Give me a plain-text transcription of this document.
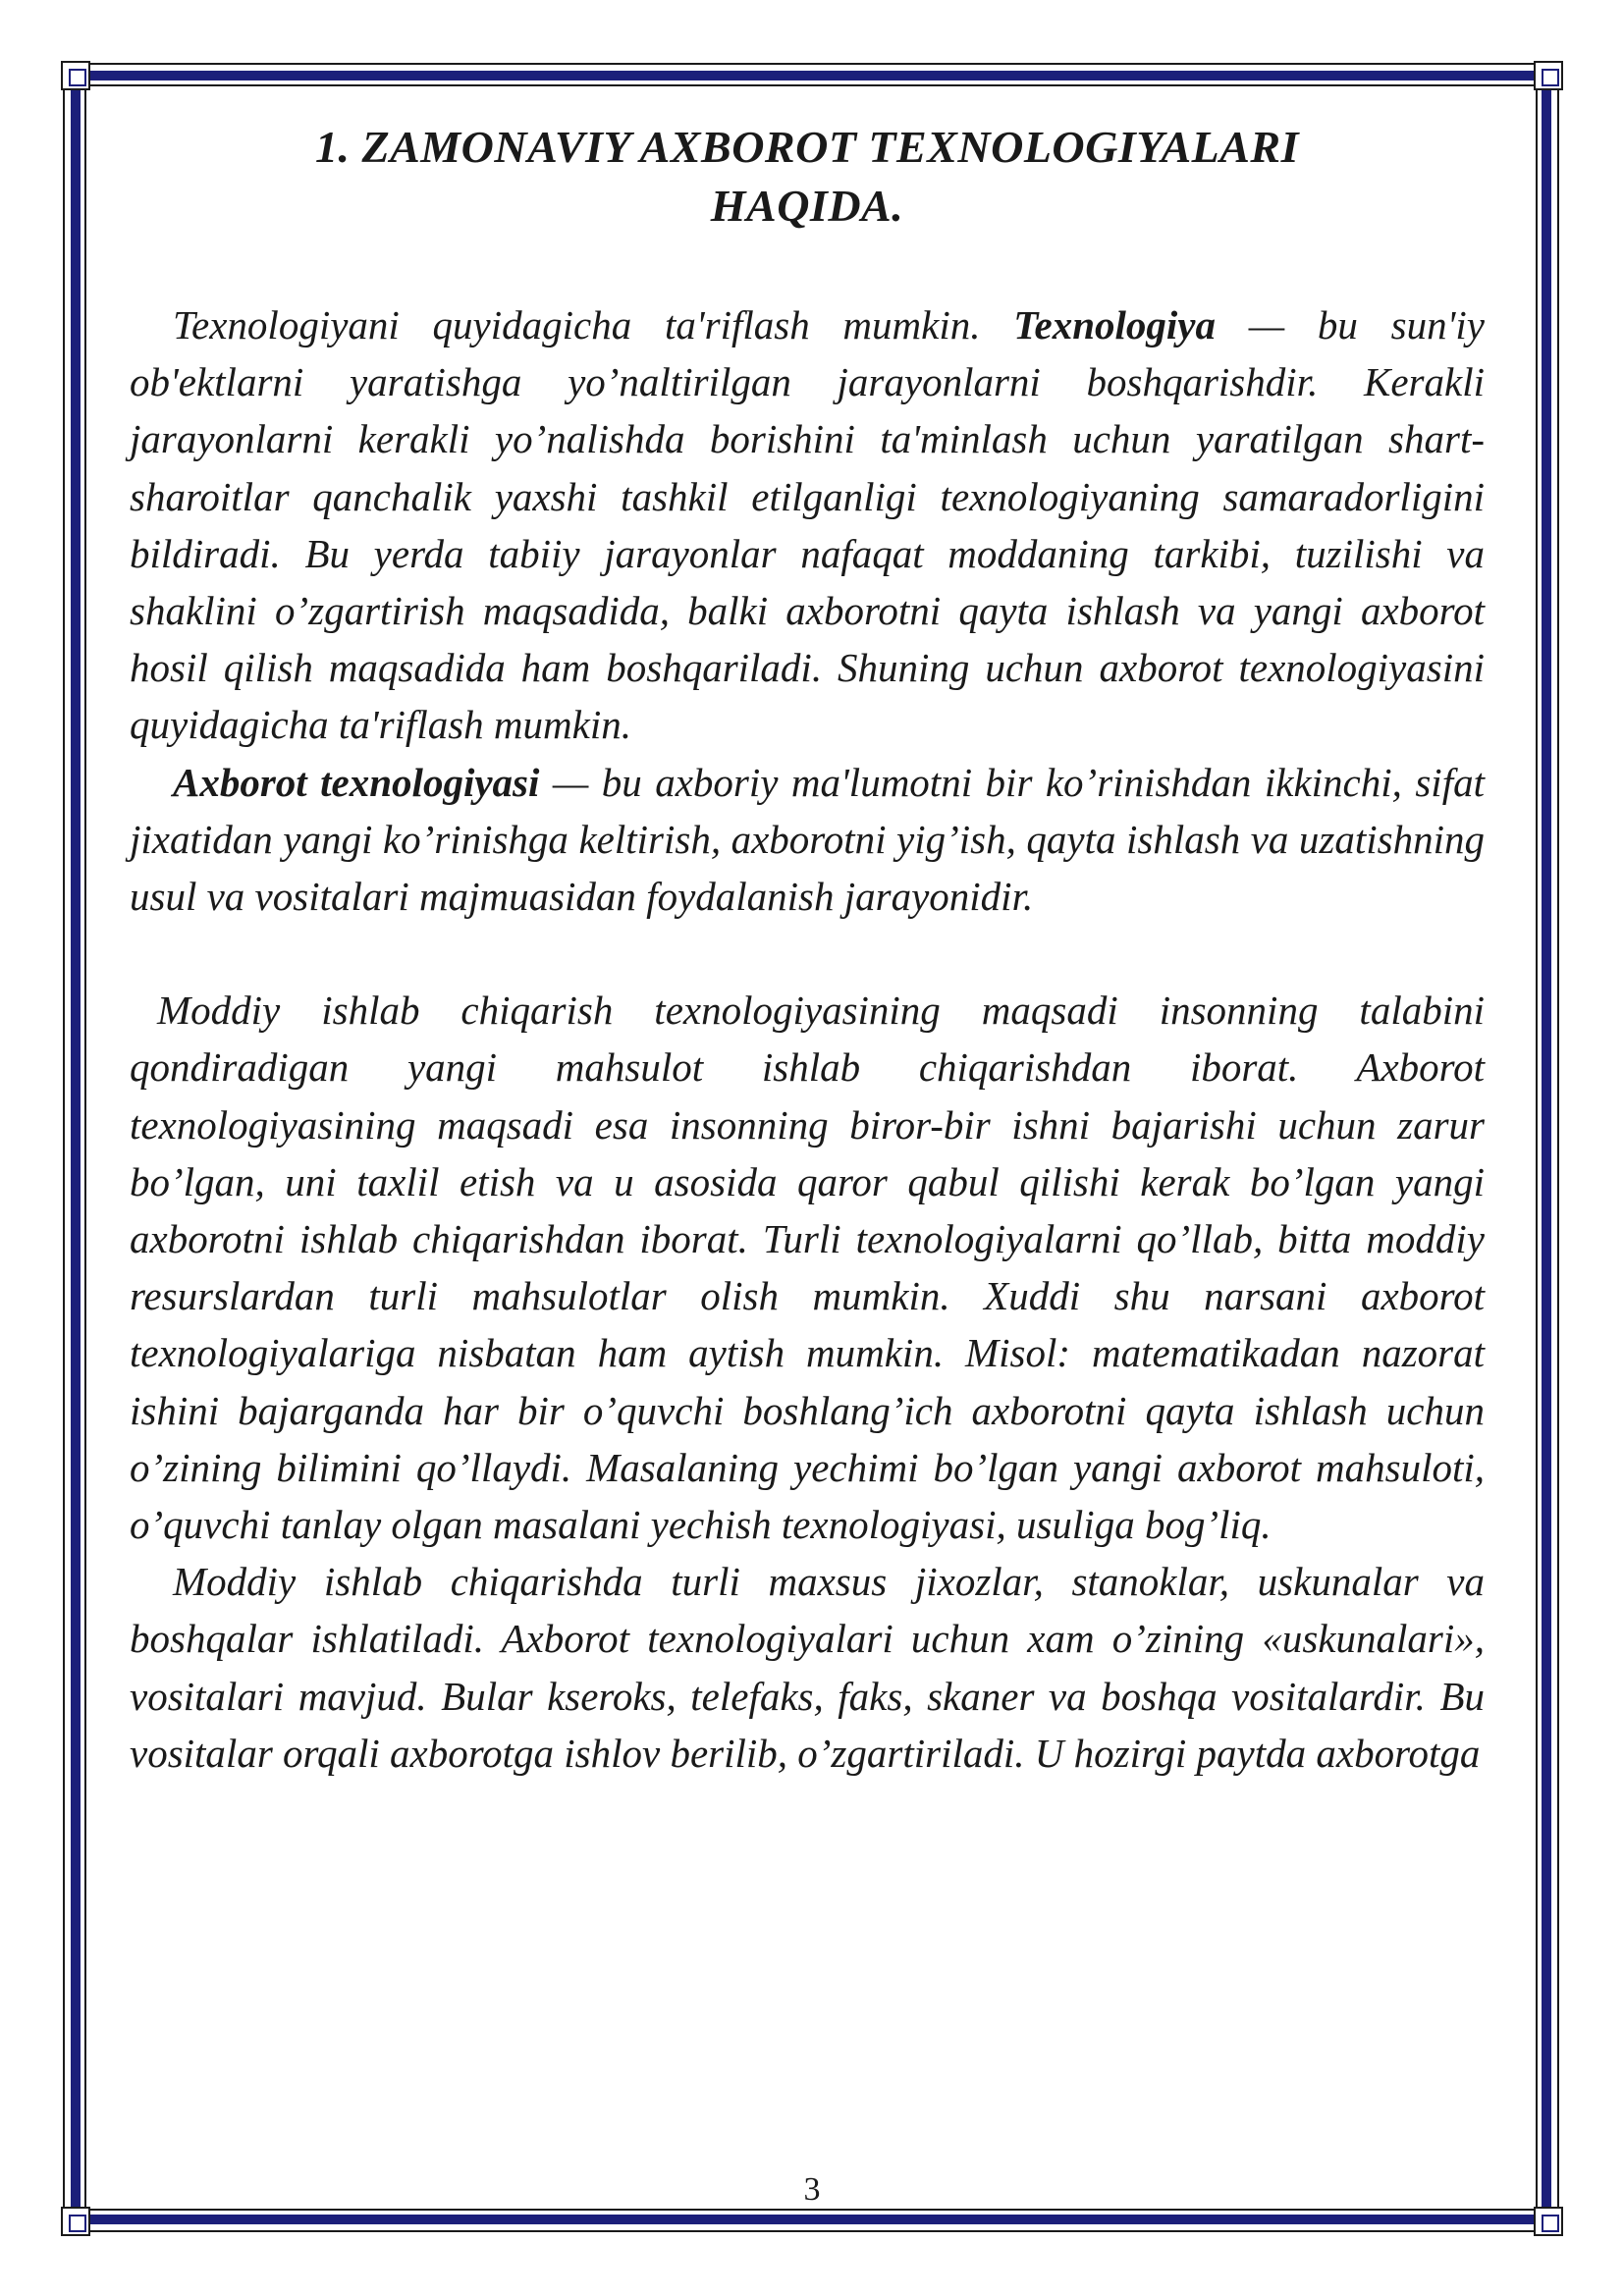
1. ZAMONAVIY AXBOROT TEXNOLOGIYALARI
HAQIDA.

Texnologiyani quyidagicha ta'riflash mumkin. Texnologiya — bu sun'iy ob'ektlarni yaratishga yo’naltirilgan jarayonlarni boshqarishdir. Kerakli jarayonlarni kerakli yo’nalishda borishini ta'minlash uchun yaratilgan shart-sharoitlar qanchalik yaxshi tashkil etilganligi texnologiyaning samaradorligini bildiradi. Bu yerda tabiiy jarayonlar nafaqat moddaning tarkibi, tuzilishi va shaklini o’zgartirish maqsadida, balki axborotni qayta ishlash va yangi axborot hosil qilish maqsadida ham boshqariladi. Shuning uchun axborot texnologiyasini quyidagicha ta'riflash mumkin.

Axborot texnologiyasi — bu axboriy ma'lumotni bir ko’rinishdan ikkinchi, sifat jixatidan yangi ko’rinishga keltirish, axborotni yig’ish, qayta ishlash va uzatishning usul va vositalari majmuasidan foydalanish jarayonidir.

Moddiy ishlab chiqarish texnologiyasining maqsadi insonning talabini qondiradigan yangi mahsulot ishlab chiqarishdan iborat. Axborot texnologiyasining maqsadi esa insonning biror-bir ishni bajarishi uchun zarur bo’lgan, uni taxlil etish va u asosida qaror qabul qilishi kerak bo’lgan yangi axborotni ishlab chiqarishdan iborat. Turli texnologiyalarni qo’llab, bitta moddiy resurslardan turli mahsulotlar olish mumkin. Xuddi shu narsani axborot texnologiyalariga nisbatan ham aytish mumkin. Misol: matematikadan nazorat ishini bajarganda har bir o’quvchi boshlang’ich axborotni qayta ishlash uchun o’zining bilimini qo’llaydi. Masalaning yechimi bo’lgan yangi axborot mahsuloti, o’quvchi tanlay olgan masalani yechish texnologiyasi, usuliga bog’liq.

Moddiy ishlab chiqarishda turli maxsus jixozlar, stanoklar, uskunalar va boshqalar ishlatiladi. Axborot texnologiyalari uchun xam o’zining «uskunalari», vositalari mavjud. Bular kseroks, telefaks, faks, skaner va boshqa vositalardir. Bu vositalar orqali axborotga ishlov berilib, o’zgartiriladi. U hozirgi paytda axborotga

3
